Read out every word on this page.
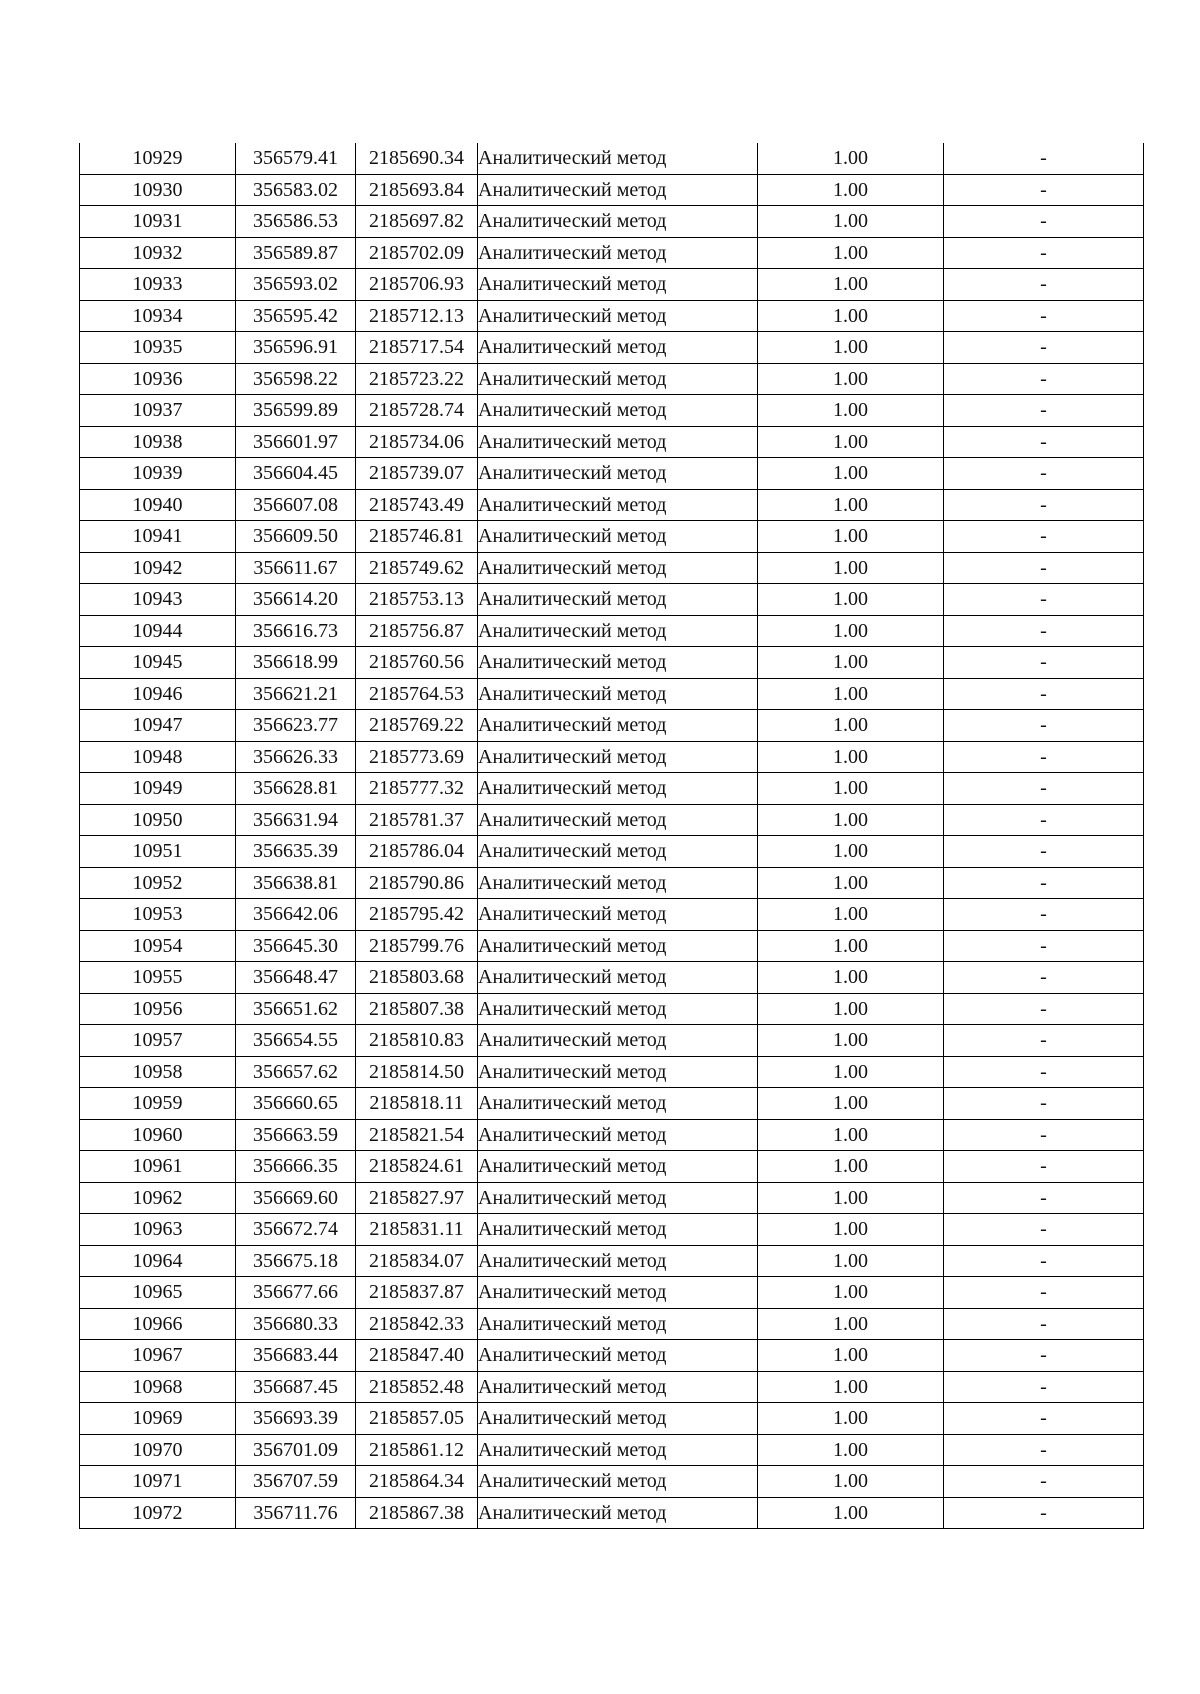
10929	356579.41	2185690.34	Аналитический метод	1.00	-
10930	356583.02	2185693.84	Аналитический метод	1.00	-
10931	356586.53	2185697.82	Аналитический метод	1.00	-
10932	356589.87	2185702.09	Аналитический метод	1.00	-
10933	356593.02	2185706.93	Аналитический метод	1.00	-
10934	356595.42	2185712.13	Аналитический метод	1.00	-
10935	356596.91	2185717.54	Аналитический метод	1.00	-
10936	356598.22	2185723.22	Аналитический метод	1.00	-
10937	356599.89	2185728.74	Аналитический метод	1.00	-
10938	356601.97	2185734.06	Аналитический метод	1.00	-
10939	356604.45	2185739.07	Аналитический метод	1.00	-
10940	356607.08	2185743.49	Аналитический метод	1.00	-
10941	356609.50	2185746.81	Аналитический метод	1.00	-
10942	356611.67	2185749.62	Аналитический метод	1.00	-
10943	356614.20	2185753.13	Аналитический метод	1.00	-
10944	356616.73	2185756.87	Аналитический метод	1.00	-
10945	356618.99	2185760.56	Аналитический метод	1.00	-
10946	356621.21	2185764.53	Аналитический метод	1.00	-
10947	356623.77	2185769.22	Аналитический метод	1.00	-
10948	356626.33	2185773.69	Аналитический метод	1.00	-
10949	356628.81	2185777.32	Аналитический метод	1.00	-
10950	356631.94	2185781.37	Аналитический метод	1.00	-
10951	356635.39	2185786.04	Аналитический метод	1.00	-
10952	356638.81	2185790.86	Аналитический метод	1.00	-
10953	356642.06	2185795.42	Аналитический метод	1.00	-
10954	356645.30	2185799.76	Аналитический метод	1.00	-
10955	356648.47	2185803.68	Аналитический метод	1.00	-
10956	356651.62	2185807.38	Аналитический метод	1.00	-
10957	356654.55	2185810.83	Аналитический метод	1.00	-
10958	356657.62	2185814.50	Аналитический метод	1.00	-
10959	356660.65	2185818.11	Аналитический метод	1.00	-
10960	356663.59	2185821.54	Аналитический метод	1.00	-
10961	356666.35	2185824.61	Аналитический метод	1.00	-
10962	356669.60	2185827.97	Аналитический метод	1.00	-
10963	356672.74	2185831.11	Аналитический метод	1.00	-
10964	356675.18	2185834.07	Аналитический метод	1.00	-
10965	356677.66	2185837.87	Аналитический метод	1.00	-
10966	356680.33	2185842.33	Аналитический метод	1.00	-
10967	356683.44	2185847.40	Аналитический метод	1.00	-
10968	356687.45	2185852.48	Аналитический метод	1.00	-
10969	356693.39	2185857.05	Аналитический метод	1.00	-
10970	356701.09	2185861.12	Аналитический метод	1.00	-
10971	356707.59	2185864.34	Аналитический метод	1.00	-
10972	356711.76	2185867.38	Аналитический метод	1.00	-
